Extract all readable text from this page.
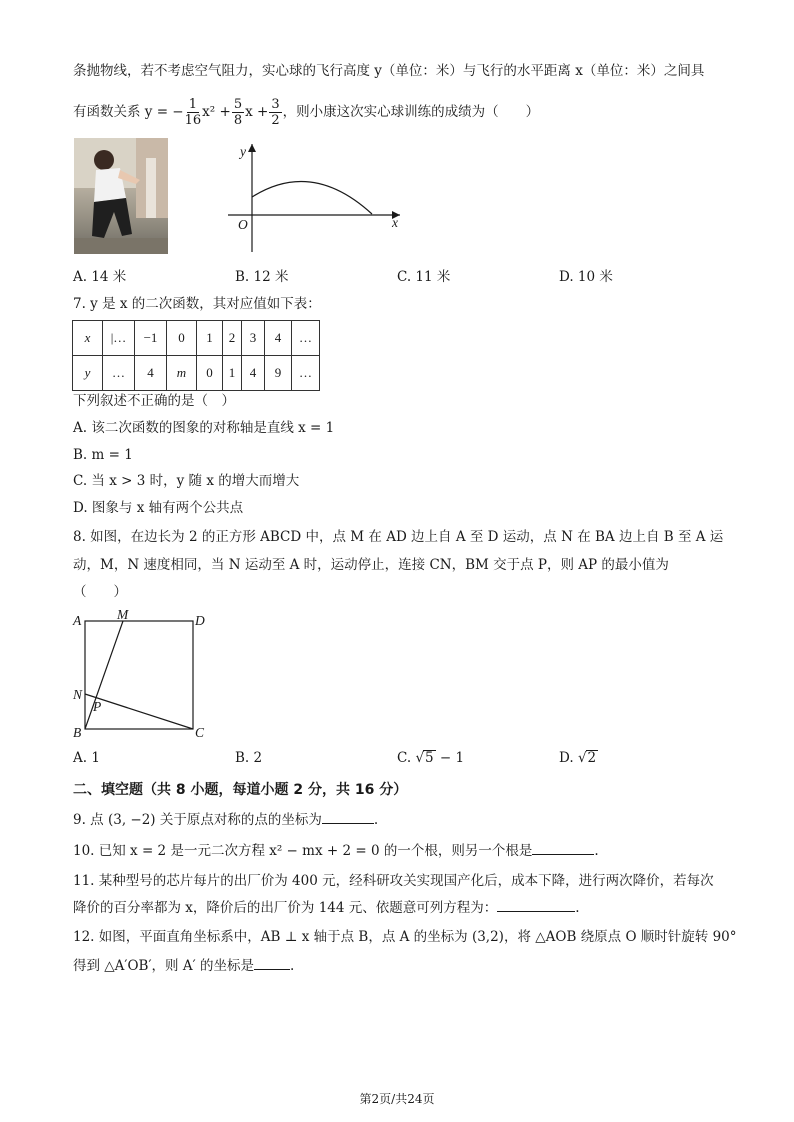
条抛物线，若不考虑空气阻力，实心球的飞行高度 y（单位：米）与飞行的水平距离 x（单位：米）之间具
有函数关系 y = − $\frac{1}{16} x^2 + \frac{5}{8}$ $x + \frac{3}{2}$ ，则小康这次实心球训练的成绩为（　　）
y
x
O
A. 14 米	B. 12 米	C. 11 米	D. 10 米
7. y 是 x 的二次函数，其对应值如下表：
x	|…	−1	0	1	2	3	4	…
y	…	4	m	0	1	4	9	…
下列叙述不正确的是（　）
A. 该二次函数的图象的对称轴是直线 x = 1
B. m = 1
C. 当 x > 3 时，y 随 x 的增大而增大
D. 图象与 x 轴有两个公共点
8. 如图，在边长为 2 的正方形 ABCD 中，点 M 在 AD 边上自 A 至 D 运动，点 N 在 BA 边上自 B 至 A 运
动，M，N 速度相同，当 N 运动至 A 时，运动停止，连接 CN，BM 交于点 P，则 AP 的最小值为
（　　）
A	M	D
N
P
B	C
A. 1	B. 2	C. √5 − 1	D. √2
二、填空题（共 8 小题，每道小题 2 分，共 16 分）
9. 点 (3, −2) 关于原点对称的点的坐标为	.
10. 已知 x = 2 是一元二次方程 x² − mx + 2 = 0 的一个根，则另一个根是	.
11. 某种型号的芯片每片的出厂价为 400 元，经科研攻关实现国产化后，成本下降，进行两次降价，若每次
降价的百分率都为 x，降价后的出厂价为 144 元、依题意可列方程为：	.
12. 如图，平面直角坐标系中，AB ⊥ x 轴于点 B，点 A 的坐标为 (3,2)，将 △AOB 绕原点 O 顺时针旋转 90°
得到 △A′OB′，则 A′ 的坐标是	.
第2页/共24页
